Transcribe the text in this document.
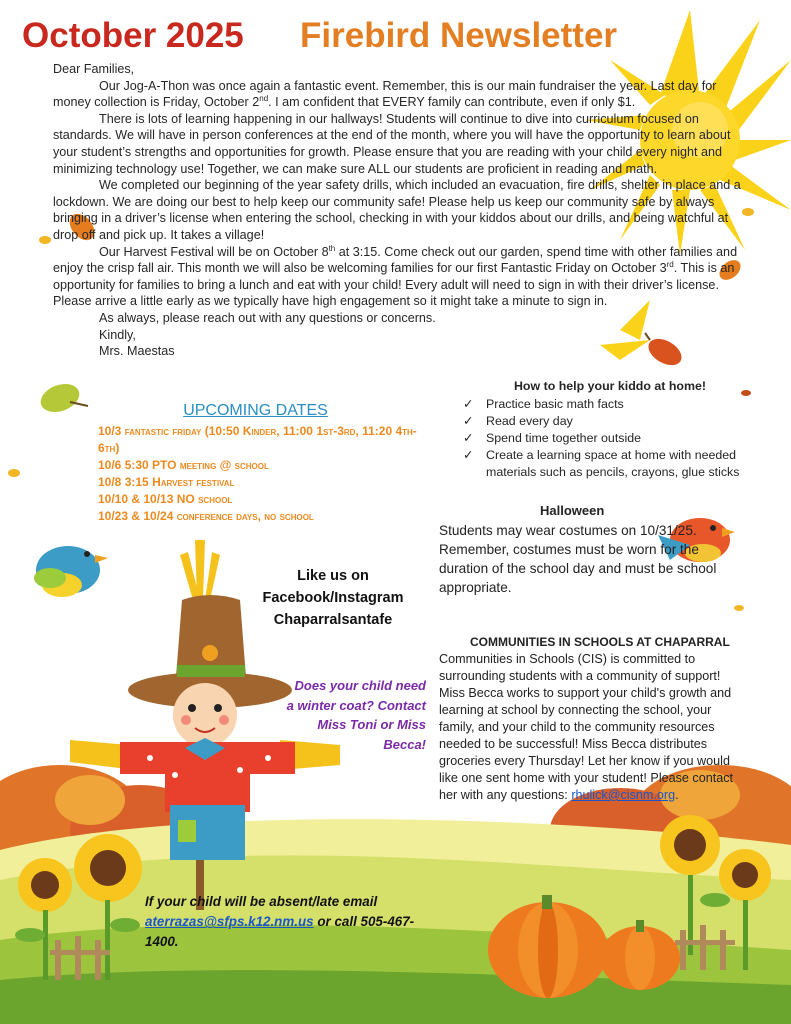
October 2025 Firebird Newsletter

Dear Families,

Our Jog-A-Thon was once again a fantastic event. Remember, this is our main fundraiser the year. Last day for money collection is Friday, October 2nd. I am confident that EVERY family can contribute, even if only $1.

There is lots of learning happening in our hallways! Students will continue to dive into curriculum focused on standards. We will have in person conferences at the end of the month, where you will have the opportunity to learn about your student’s strengths and opportunities for growth. Please ensure that you are reading with your child every night and minimizing technology use! Together, we can make sure ALL our students are proficient in reading and math.

We completed our beginning of the year safety drills, which included an evacuation, fire drills, shelter in place and a lockdown. We are doing our best to help keep our community safe! Please help us keep our community safe by always bringing in a driver’s license when entering the school, checking in with your kiddos about our drills, and being watchful at drop off and pick up. It takes a village!

Our Harvest Festival will be on October 8th at 3:15. Come check out our garden, spend time with other families and enjoy the crisp fall air. This month we will also be welcoming families for our first Fantastic Friday on October 3rd. This is an opportunity for families to bring a lunch and eat with your child! Every adult will need to sign in with their driver’s license. Please arrive a little early as we typically have high engagement so it might take a minute to sign in.

As always, please reach out with any questions or concerns.

Kindly,

Mrs. Maestas

UPCOMING DATES
10/3 fantastic friday (10:50 Kinder, 11:00 1st-3rd, 11:20 4th-6th)
10/6 5:30 PTO meeting @ school
10/8 3:15 Harvest festival
10/10 & 10/13 NO school
10/23 & 10/24 conference days, no school
How to help your kiddo at home!
✓ Practice basic math facts
✓ Read every day
✓ Spend time together outside
✓ Create a learning space at home with needed materials such as pencils, crayons, glue sticks
Like us on
Facebook/Instagram
Chaparralsantafe
Halloween
Students may wear costumes on 10/31/25. Remember, costumes must be worn for the duration of the school day and must be school appropriate.
Does your child need a winter coat? Contact Miss Toni or Miss Becca!
COMMUNITIES IN SCHOOLS AT CHAPARRAL
Communities in Schools (CIS) is committed to surrounding students with a community of support! Miss Becca works to support your child's growth and learning at school by connecting the school, your family, and your child to the community resources needed to be successful! Miss Becca distributes groceries every Thursday! Let her know if you would like one sent home with your student! Please contact her with any questions: rhulick@cisnm.org.
If your child will be absent/late email aterrazas@sfps.k12.nm.us or call 505-467-1400.
